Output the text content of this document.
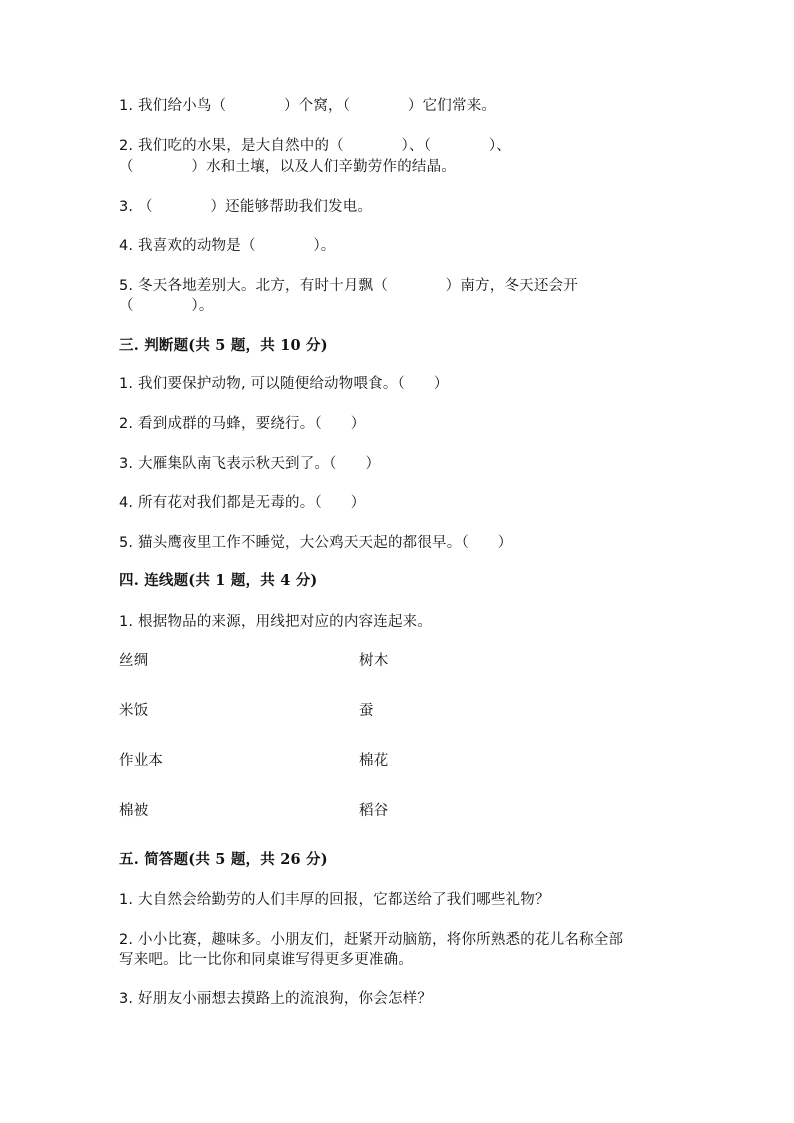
1. 我们给小鸟（            ）个窝，（            ）它们常来。
2. 我们吃的水果，是大自然中的（            ）、（            ）、
（            ）水和土壤，以及人们辛勤劳作的结晶。
3. （            ）还能够帮助我们发电。
4. 我喜欢的动物是（            ）。
5. 冬天各地差别大。北方，有时十月飘（            ）南方，冬天还会开
（            ）。
三. 判断题(共 5 题，共 10 分)
1. 我们要保护动物, 可以随便给动物喂食。（      ）
2. 看到成群的马蜂，要绕行。（      ）
3. 大雁集队南飞表示秋天到了。（      ）
4. 所有花对我们都是无毒的。（      ）
5. 猫头鹰夜里工作不睡觉，大公鸡天天起的都很早。（      ）
四. 连线题(共 1 题，共 4 分)
1. 根据物品的来源，用线把对应的内容连起来。
丝绸	树木
米饭	蚕
作业本	棉花
棉被	稻谷
五. 简答题(共 5 题，共 26 分)
1. 大自然会给勤劳的人们丰厚的回报，它都送给了我们哪些礼物？
2. 小小比赛，趣味多。小朋友们，赶紧开动脑筋，将你所熟悉的花儿名称全部
写来吧。比一比你和同桌谁写得更多更准确。
3. 好朋友小丽想去摸路上的流浪狗，你会怎样？
